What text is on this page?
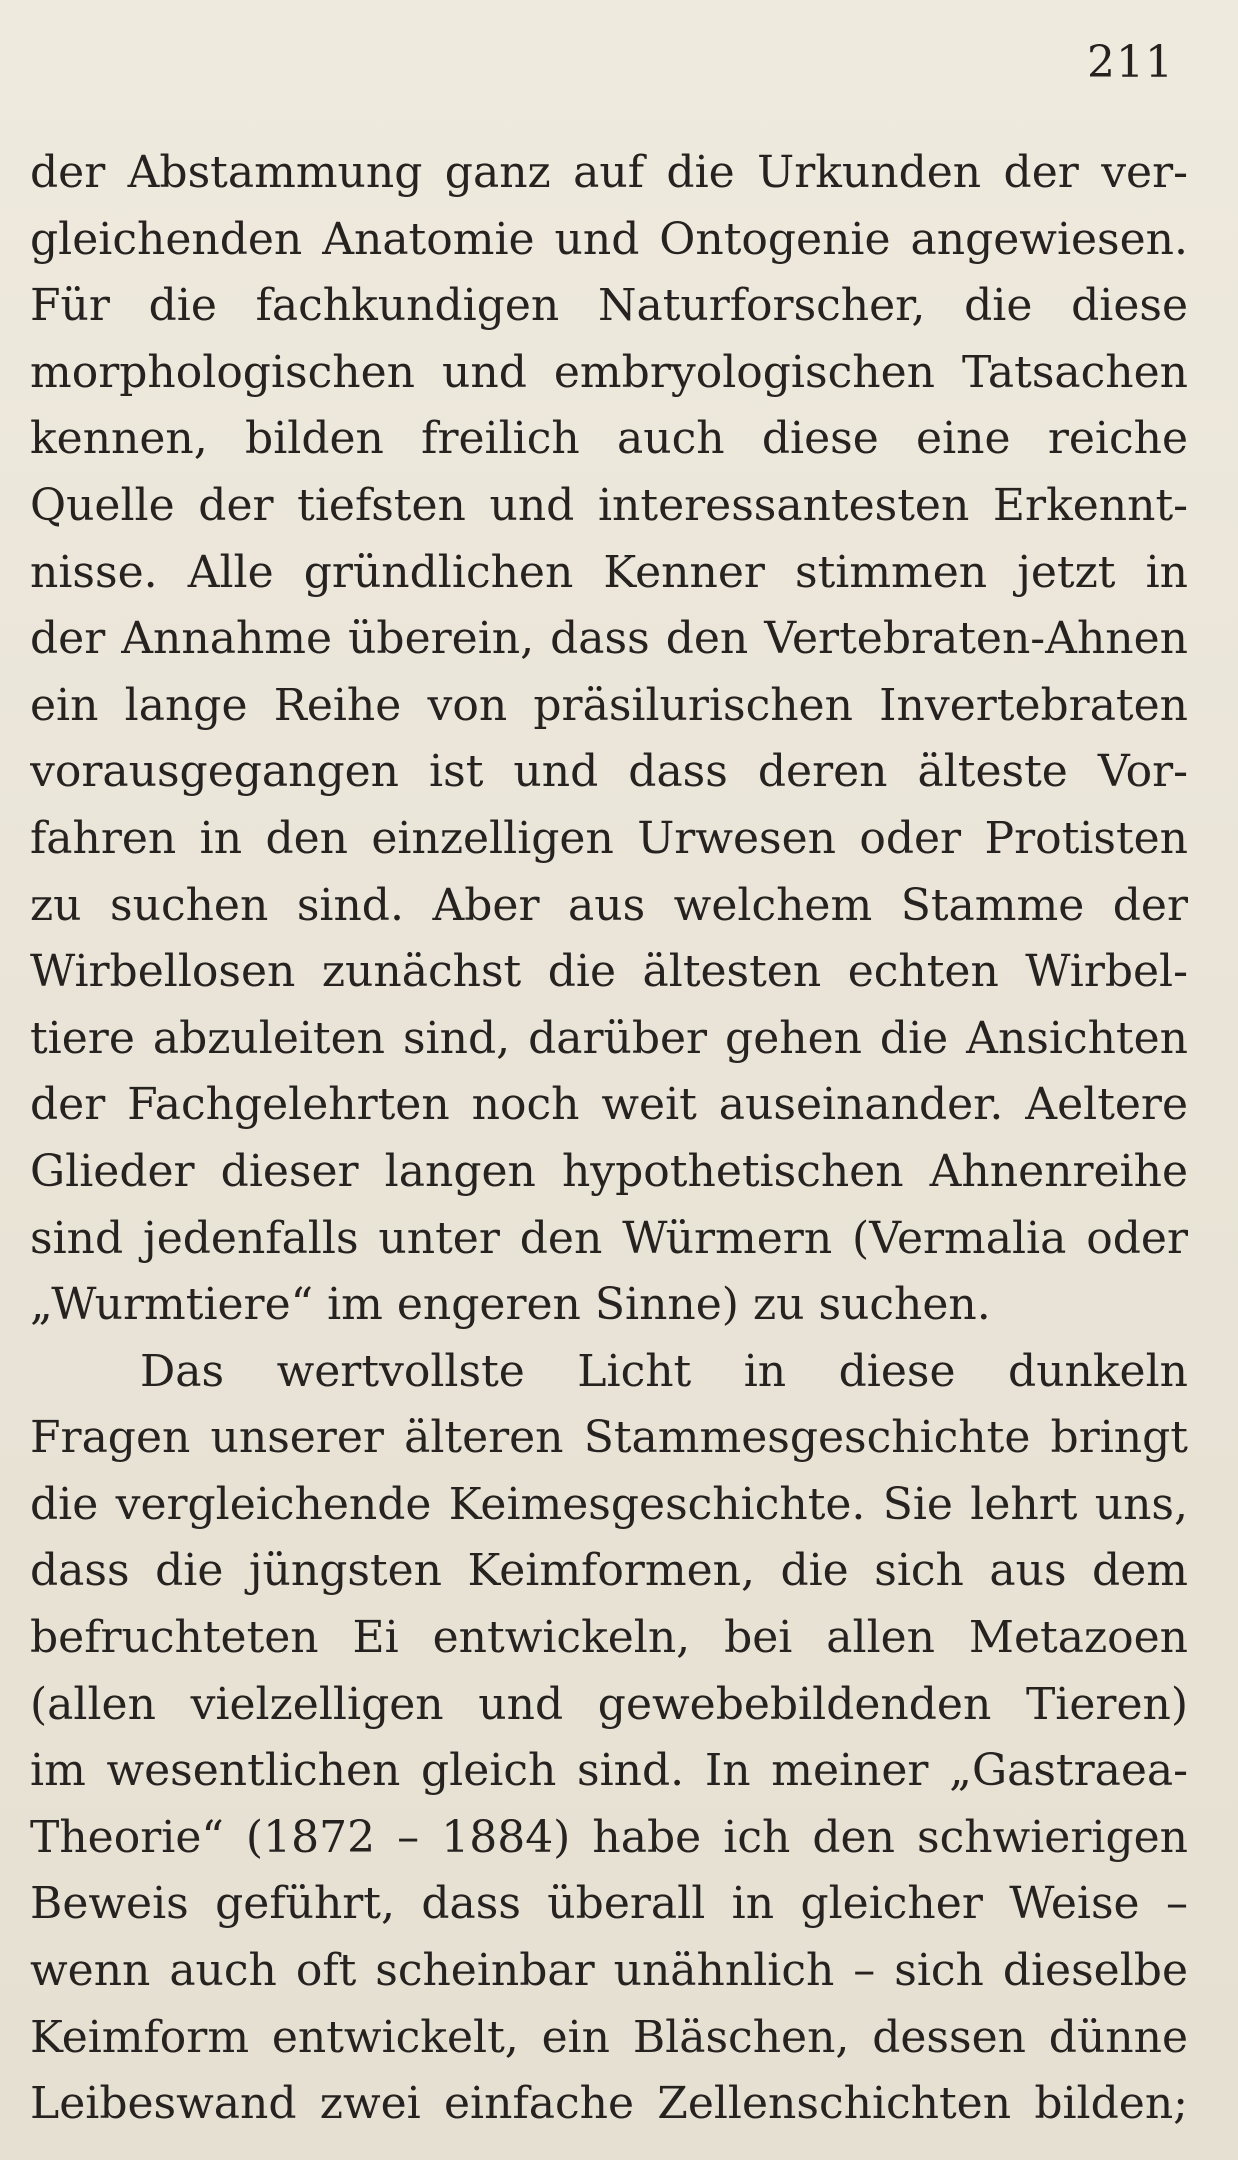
211
der Abstammung ganz auf die Urkunden der ver-
gleichenden Anatomie und Ontogenie angewiesen.
Für die fachkundigen Naturforscher, die diese
morphologischen und embryologischen Tatsachen
kennen, bilden freilich auch diese eine reiche
Quelle der tiefsten und interessantesten Erkennt-
nisse. Alle gründlichen Kenner stimmen jetzt in
der Annahme überein, dass den Vertebraten-Ahnen
ein lange Reihe von präsilurischen Invertebraten
vorausgegangen ist und dass deren älteste Vor-
fahren in den einzelligen Urwesen oder Protisten
zu suchen sind. Aber aus welchem Stamme der
Wirbellosen zunächst die ältesten echten Wirbel-
tiere abzuleiten sind, darüber gehen die Ansichten
der Fachgelehrten noch weit auseinander. Aeltere
Glieder dieser langen hypothetischen Ahnenreihe
sind jedenfalls unter den Würmern (Vermalia oder
„Wurmtiere“ im engeren Sinne) zu suchen.
Das wertvollste Licht in diese dunkeln
Fragen unserer älteren Stammesgeschichte bringt
die vergleichende Keimesgeschichte. Sie lehrt uns,
dass die jüngsten Keimformen, die sich aus dem
befruchteten Ei entwickeln, bei allen Metazoen
(allen vielzelligen und gewebebildenden Tieren)
im wesentlichen gleich sind. In meiner „Gastraea-
Theorie“ (1872 – 1884) habe ich den schwierigen
Beweis geführt, dass überall in gleicher Weise –
wenn auch oft scheinbar unähnlich – sich dieselbe
Keimform entwickelt, ein Bläschen, dessen dünne
Leibeswand zwei einfache Zellenschichten bilden;
